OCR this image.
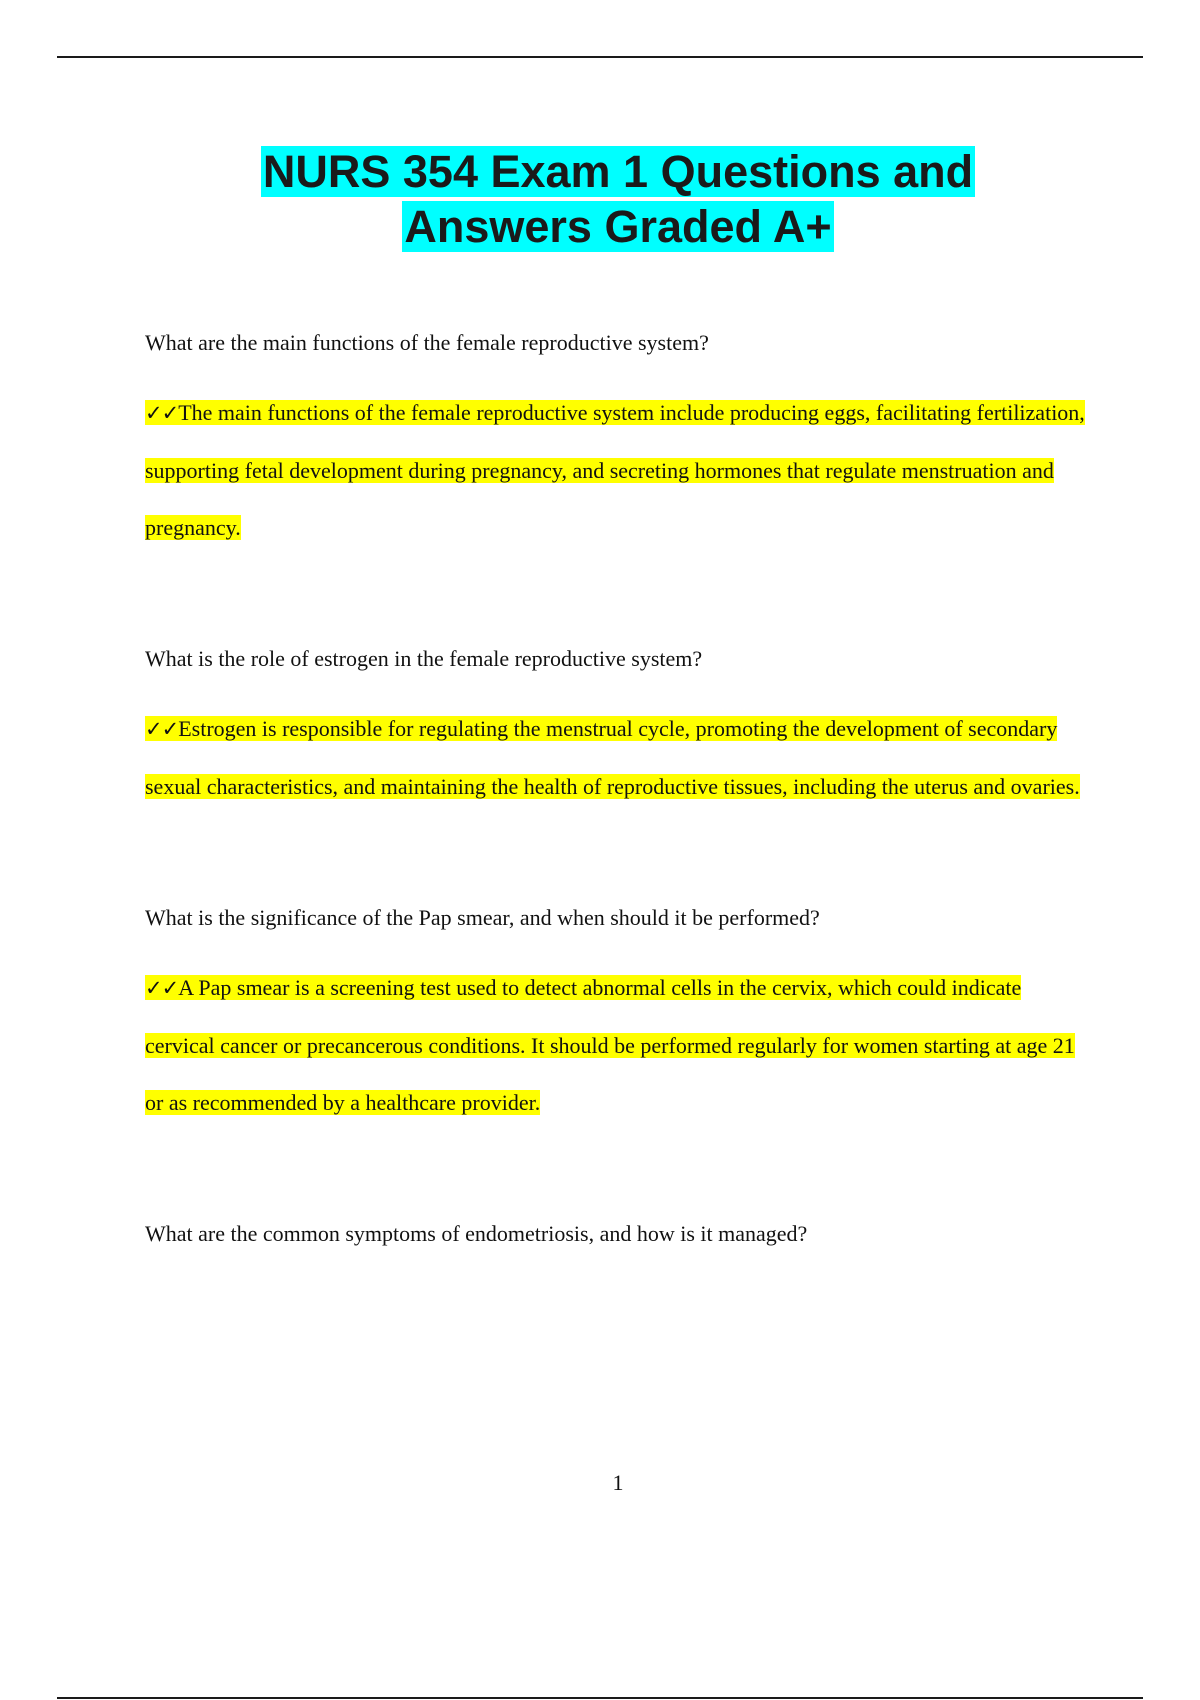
NURS 354 Exam 1 Questions and
Answers Graded A+

What are the main functions of the female reproductive system?

✓✓The main functions of the female reproductive system include producing eggs, facilitating fertilization, supporting fetal development during pregnancy, and secreting hormones that regulate menstruation and pregnancy.

What is the role of estrogen in the female reproductive system?

✓✓Estrogen is responsible for regulating the menstrual cycle, promoting the development of secondary sexual characteristics, and maintaining the health of reproductive tissues, including the uterus and ovaries.

What is the significance of the Pap smear, and when should it be performed?

✓✓A Pap smear is a screening test used to detect abnormal cells in the cervix, which could indicate cervical cancer or precancerous conditions. It should be performed regularly for women starting at age 21 or as recommended by a healthcare provider.

What are the common symptoms of endometriosis, and how is it managed?

1
